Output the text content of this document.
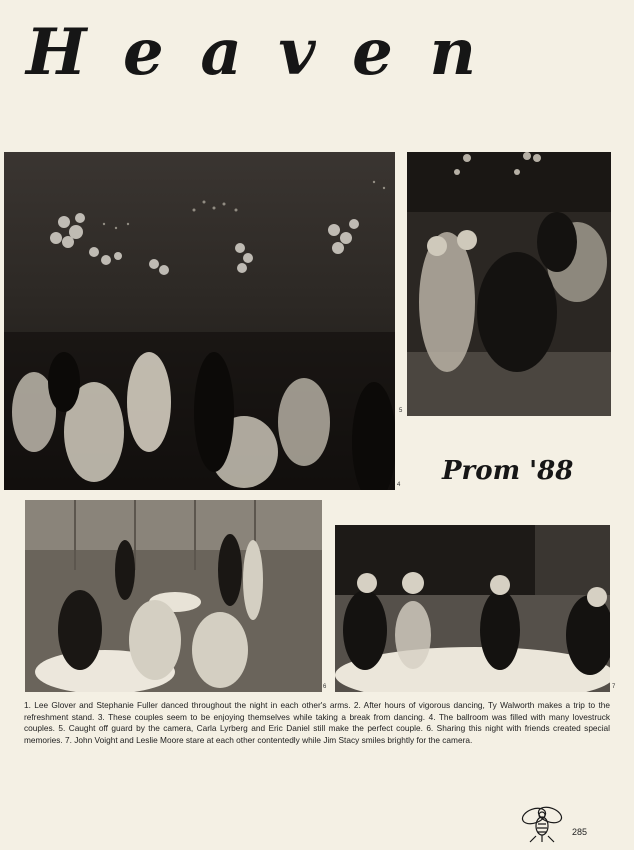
H e a v e n
4
5
Prom '88
6	7
1. Lee Glover and Stephanie Fuller danced throughout the night in each other's arms. 2. After hours of vigorous dancing, Ty Walworth makes a trip to the refreshment stand. 3. These couples seem to be enjoying themselves while taking a break from dancing. 4. The ballroom was filled with many lovestruck couples. 5. Caught off guard by the camera, Carla Lyrberg and Eric Daniel still make the perfect couple. 6. Sharing this night with friends created special memories. 7. John Voight and Leslie Moore stare at each other contentedly while Jim Stacy smiles brightly for the camera.
285
